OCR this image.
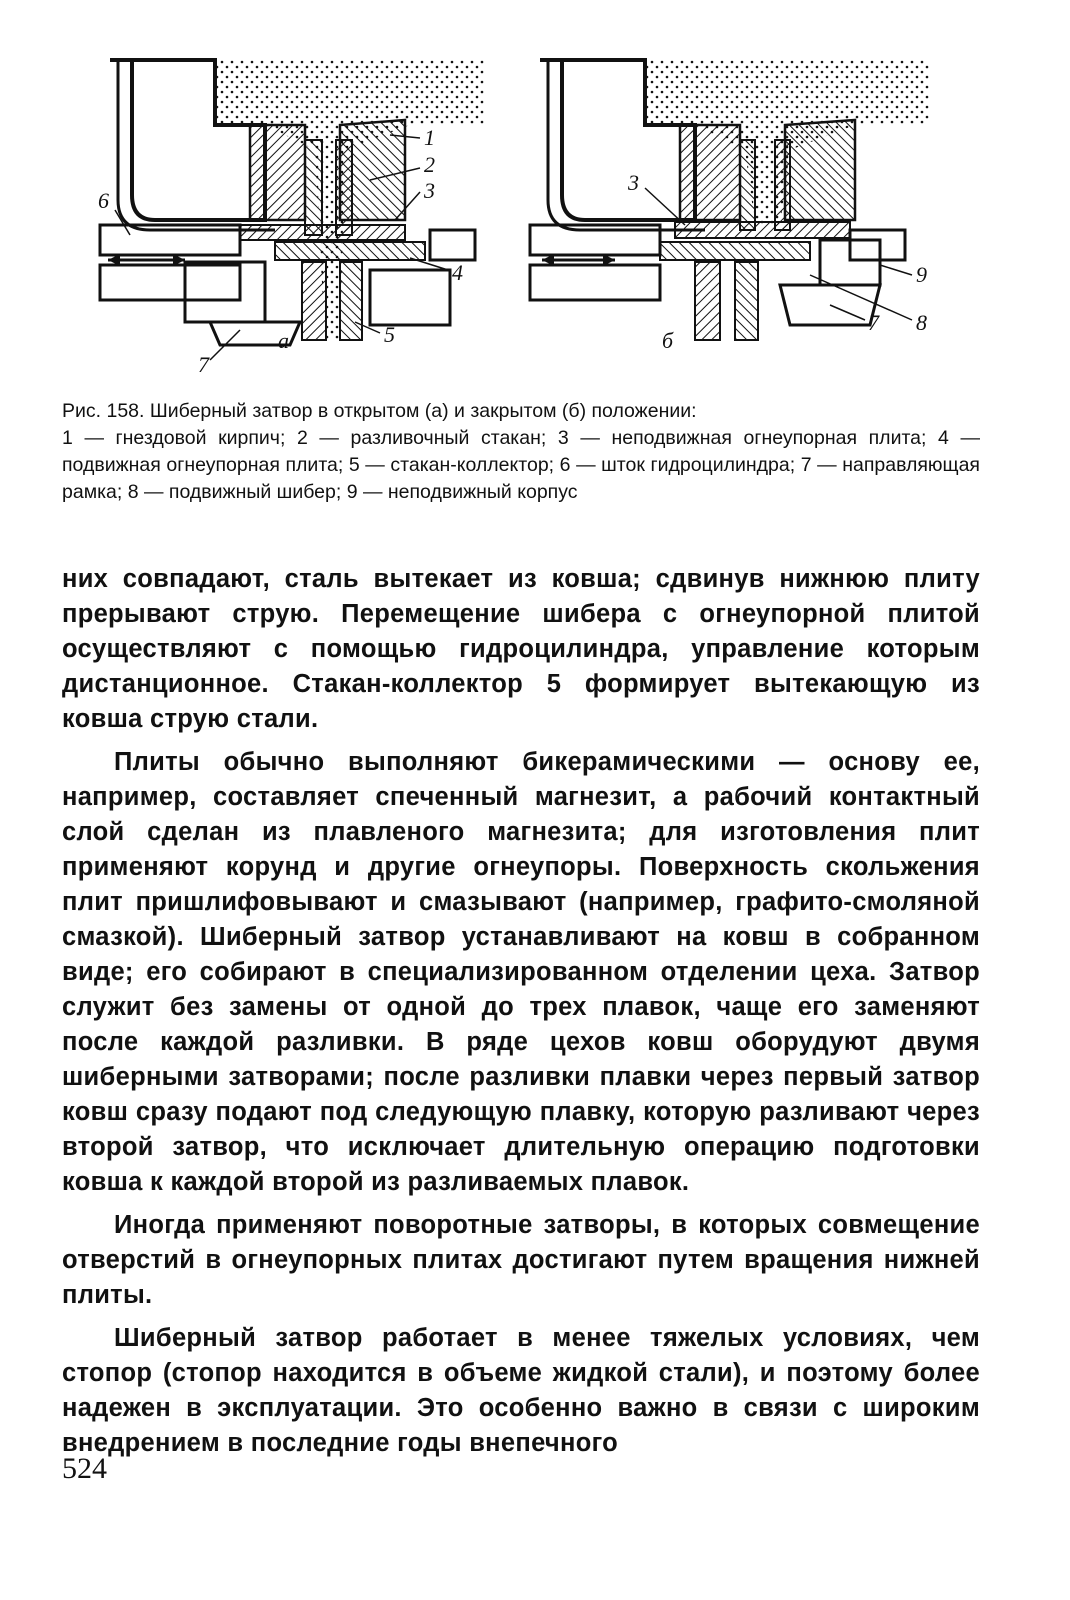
1
2
3
4
5
6
7
а
3
7 8
9
б
Рис. 158. Шиберный затвор в открытом (а) и закрытом (б) положении:
1 — гнездовой кирпич; 2 — разливочный стакан; 3 — неподвижная огнеупорная плита; 4 — подвижная огнеупорная плита; 5 — стакан-коллектор; 6 — шток гидроцилиндра; 7 — направляющая рамка; 8 — подвижный шибер; 9 — неподвижный корпус

них совпадают, сталь вытекает из ковша; сдвинув нижнюю плиту прерывают струю. Перемещение шибера с огнеупорной плитой осуществляют с помощью гидроцилиндра, управление которым дистанционное. Стакан-коллектор 5 формирует вытекающую из ковша струю стали.

Плиты обычно выполняют бикерамическими — основу ее, например, составляет спеченный магнезит, а рабочий контактный слой сделан из плавленого магнезита; для изготовления плит применяют корунд и другие огнеупоры. Поверхность скольжения плит пришлифовывают и смазывают (например, графито-смоляной смазкой). Шиберный затвор устанавливают на ковш в собранном виде; его собирают в специализированном отделении цеха. Затвор служит без замены от одной до трех плавок, чаще его заменяют после каждой разливки. В ряде цехов ковш оборудуют двумя шиберными затворами; после разливки плавки через первый затвор ковш сразу подают под следующую плавку, которую разливают через второй затвор, что исключает длительную операцию подготовки ковша к каждой второй из разливаемых плавок.

Иногда применяют поворотные затворы, в которых совмещение отверстий в огнеупорных плитах достигают путем вращения нижней плиты.

Шиберный затвор работает в менее тяжелых условиях, чем стопор (стопор находится в объеме жидкой стали), и поэтому более надежен в эксплуатации. Это особенно важно в связи с широким внедрением в последние годы внепечного

524
